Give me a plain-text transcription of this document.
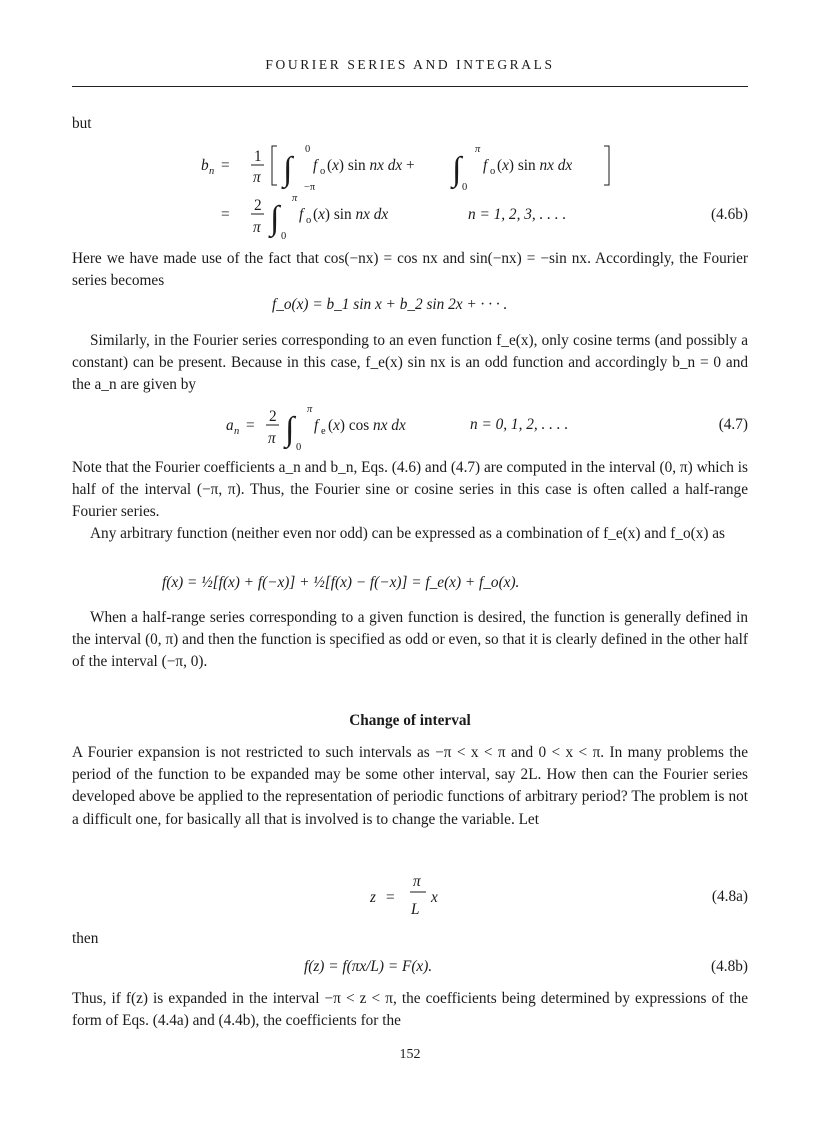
FOURIER SERIES AND INTEGRALS
but
b n =
1
π ∫
0
−π
f o (x) sin nx dx + ∫
π
0
f o (x) sin nx dx
=
2
π ∫
π
0
f o (x) sin nx dx	n = 1, 2, 3, . . . .	(4.6b)
Here we have made use of the fact that cos(−nx) = cos nx and sin(−nx) = −sin nx. Accordingly, the Fourier series becomes
f_o(x) = b_1 sin x + b_2 sin 2x + · · · .
Similarly, in the Fourier series corresponding to an even function f_e(x), only cosine terms (and possibly a constant) can be present. Because in this case, f_e(x) sin nx is an odd function and accordingly b_n = 0 and the a_n are given by
a n =
2
π ∫
π
0
f e (x) cos nx dx	n = 0, 1, 2, . . . .	(4.7)
Note that the Fourier coefficients a_n and b_n, Eqs. (4.6) and (4.7) are computed in the interval (0, π) which is half of the interval (−π, π). Thus, the Fourier sine or cosine series in this case is often called a half-range Fourier series.
Any arbitrary function (neither even nor odd) can be expressed as a combination of f_e(x) and f_o(x) as
f(x) = ½[f(x) + f(−x)] + ½[f(x) − f(−x)] = f_e(x) + f_o(x).
When a half-range series corresponding to a given function is desired, the function is generally defined in the interval (0, π) and then the function is specified as odd or even, so that it is clearly defined in the other half of the interval (−π, 0).
Change of interval
A Fourier expansion is not restricted to such intervals as −π < x < π and 0 < x < π. In many problems the period of the function to be expanded may be some other interval, say 2L. How then can the Fourier series developed above be applied to the representation of periodic functions of arbitrary period? The problem is not a difficult one, for basically all that is involved is to change the variable. Let
z =
π
L
x	(4.8a)
then
f(z) = f(πx/L) = F(x).	(4.8b)
Thus, if f(z) is expanded in the interval −π < z < π, the coefficients being determined by expressions of the form of Eqs. (4.4a) and (4.4b), the coefficients for the
152
